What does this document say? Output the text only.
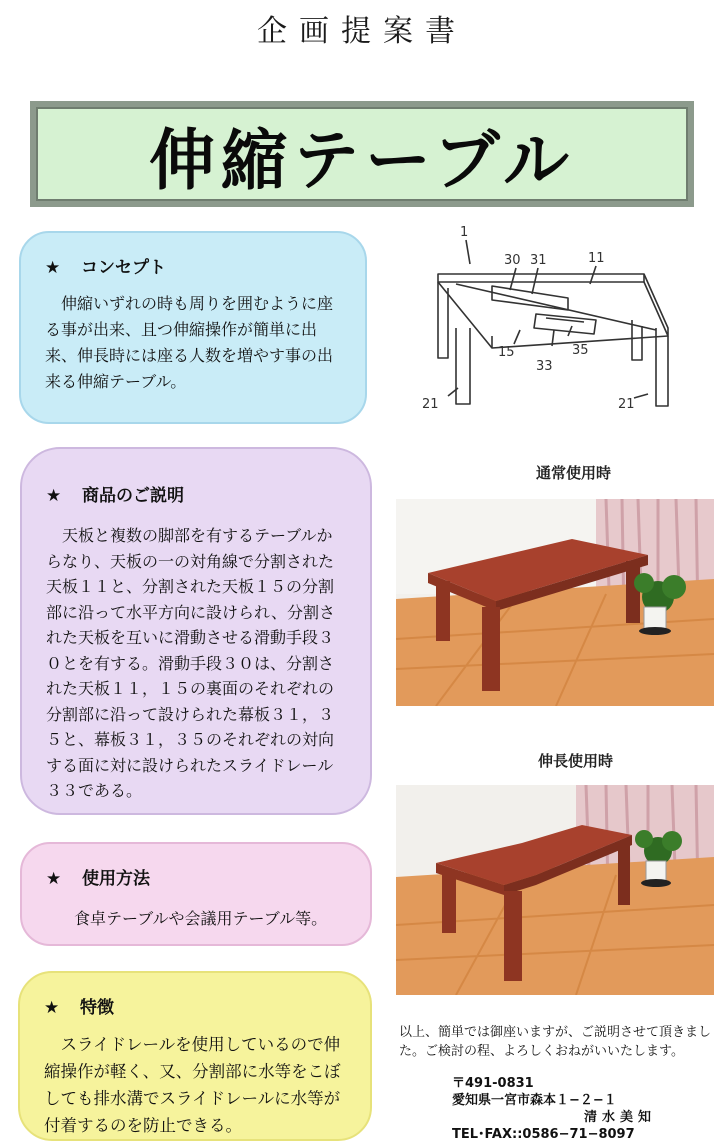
企画提案書
伸縮テーブル
★	コンセプト
伸縮いずれの時も周りを囲むように座る事が出来、且つ伸縮操作が簡単に出来、伸長時には座る人数を増やす事の出来る伸縮テーブル。
★	商品のご説明
天板と複数の脚部を有するテーブルからなり、天板の一の対角線で分割された天板１１と、分割された天板１５の分割部に沿って水平方向に設けられ、分割された天板を互いに滑動させる滑動手段３０とを有する。滑動手段３０は、分割された天板１１，１５の裏面のそれぞれの分割部に沿って設けられた幕板３１，３５と、幕板３１，３５のそれぞれの対向する面に対に設けられたスライドレール３３である。
★	使用方法
食卓テーブルや会議用テーブル等。
★	特徴
スライドレールを使用しているので伸縮操作が軽く、又、分割部に水等をこぼしても排水溝でスライドレールに水等が付着するのを防止できる。
1
30 31	11
15
33
35
21	21
通常使用時
伸長使用時
以上、簡単では御座いますが、ご説明させて頂きました。ご検討の程、よろしくおねがいいたします。
〒491-0831
愛知県一宮市森本１−２−１
清水美知
TEL･FAX::0586−71−8097
